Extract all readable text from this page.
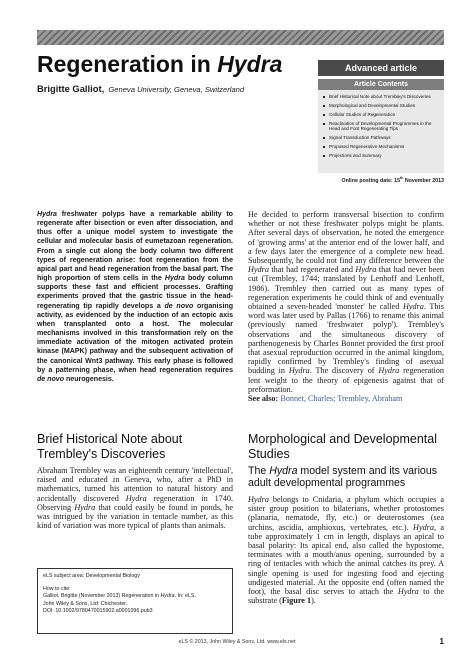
Regeneration in Hydra
Brigitte Galliot, Geneva University, Geneva, Switzerland
Advanced article
Article Contents
Brief Historical Note about Trembley's Discoveries
Morphological and Developmental Studies
Cellular Studies of Regeneration
Reactivation of Developmental Programmes in the Head and Foot Regenerating Tips
Signal Transduction Pathways
Proposed Regenerative Mechanisms
Projections and Summary
Online posting date: 15th November 2013

Hydra freshwater polyps have a remarkable ability to regenerate after bisection or even after dissociation, and thus offer a unique model system to investigate the cellular and molecular basis of eumetazoan regeneration. From a single cut along the body column two different types of regeneration arise: foot regeneration from the apical part and head regeneration from the basal part. The high proportion of stem cells in the Hydra body column supports these fast and efficient processes. Grafting experiments proved that the gastric tissue in the head-regenerating tip rapidly develops a de novo organising activity, as evidenced by the induction of an ectopic axis when transplanted onto a host. The molecular mechanisms involved in this transformation rely on the immediate activation of the mitogen activated protein kinase (MAPK) pathway and the subsequent activation of the canonical Wnt3 pathway. This early phase is followed by a patterning phase, when head regeneration requires de novo neurogenesis.

He decided to perform transversal bisection to confirm whether or not these freshwater polyps might be plants. After several days of observation, he noted the emergence of 'growing arms' at the anterior end of the lower half, and a few days later the emergence of a complete new head. Subsequently, he could not find any difference between the Hydra that had regenerated and Hydra that had never been cut (Trembley, 1744; translated by Lenhoff and Lenhoff, 1986). Trembley then carried out as many types of regeneration experiments he could think of and eventually obtained a seven-headed 'monster' he called Hydra. This word was later used by Pallas (1766) to rename this animal (previously named 'freshwater polyp'). Trembley's observations and the simultaneous discovery of parthenogenesis by Charles Bonnet provided the first proof that asexual reproduction occurred in the animal kingdom, rapidly confirmed by Trembley's finding of asexual budding in Hydra. The discovery of Hydra regeneration lent weight to the theory of epigenesis against that of preformation.
See also: Bonnet, Charles; Trembley, Abraham

Brief Historical Note about Trembley's Discoveries

Abraham Trembley was an eighteenth century 'intellectual', raised and educated in Geneva, who, after a PhD in mathematics, turned his attention to natural history and accidentally discovered Hydra regeneration in 1740. Observing Hydra that could easily be found in ponds, he was intrigued by the variation in tentacle number, as this kind of variation was more typical of plants than animals.

eLS subject area: Developmental Biology
How to cite:
Galliot, Brigitte (November 2013) Regeneration in Hydra. In: eLS.
John Wiley & Sons, Ltd: Chichester.
DOI: 10.1002/9780470015902.a0001096.pub3
Morphological and Developmental Studies
The Hydra model system and its various adult developmental programmes

Hydra belongs to Cnidaria, a phylum which occupies a sister group position to bilaterians, whether protostomes (planaria, nematode, fly, etc.) or deuterostomes (sea urchins, ascidia, amphioxus, vertebrates, etc.). Hydra, a tube approximately 1 cm in length, displays an apical to basal polarity: Its apical end, also called the hypostome, terminates with a mouth/anus opening, surrounded by a ring of tentacles with which the animal catches its prey. A single opening is used for ingesting food and ejecting undigested material. At the opposite end (often named the foot), the basal disc serves to attach the Hydra to the substrate (Figure 1).

eLS © 2013, John Wiley & Sons, Ltd. www.els.net	1
